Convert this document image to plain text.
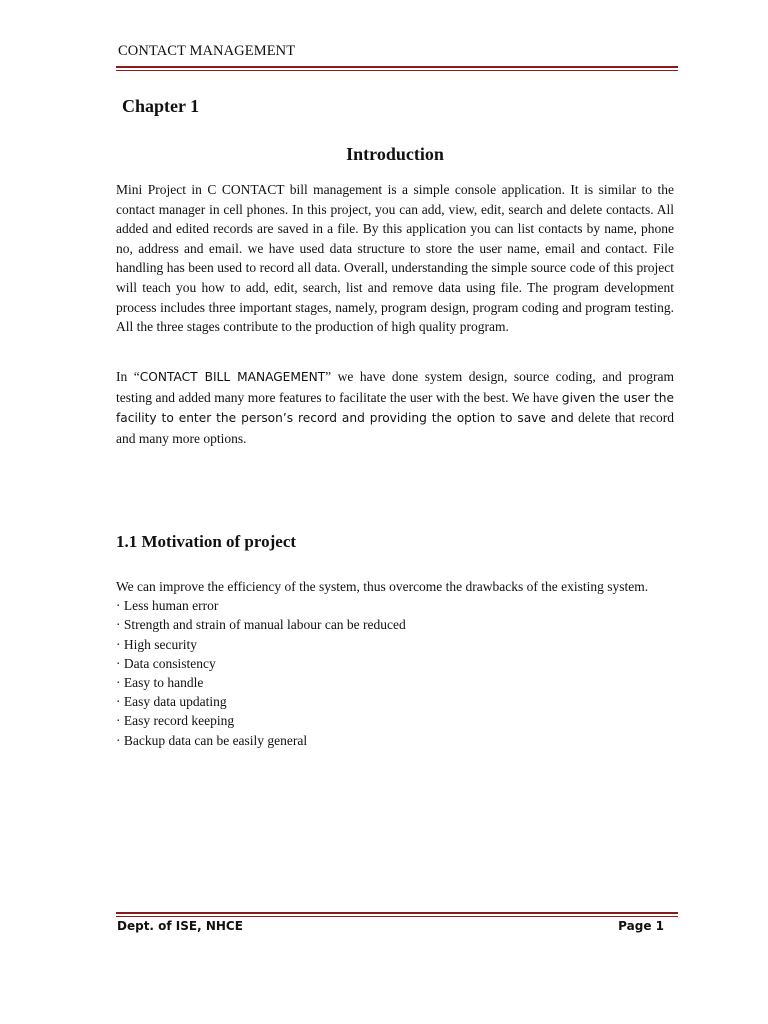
CONTACT MANAGEMENT
Chapter 1
Introduction
Mini Project in C CONTACT bill management is a simple console application. It is similar to the contact manager in cell phones. In this project, you can add, view, edit, search and delete contacts. All added and edited records are saved in a file. By this application you can list contacts by name, phone no, address and email. we have used data structure to store the user name, email and contact. File handling has been used to record all data. Overall, understanding the simple source code of this project will teach you how to add, edit, search, list and remove data using file. The program development process includes three important stages, namely, program design, program coding and program testing. All the three stages contribute to the production of high quality program.
In “CONTACT BILL MANAGEMENT” we have done system design, source coding, and program testing and added many more features to facilitate the user with the best. We have given the user the facility to enter the person’s record and providing the option to save and delete that record and many more options.
1.1 Motivation of project
We can improve the efficiency of the system, thus overcome the drawbacks of the existing system.
· Less human error
· Strength and strain of manual labour can be reduced
· High security
· Data consistency
· Easy to handle
· Easy data updating
· Easy record keeping
· Backup data can be easily general
Dept. of ISE, NHCE	Page 1
